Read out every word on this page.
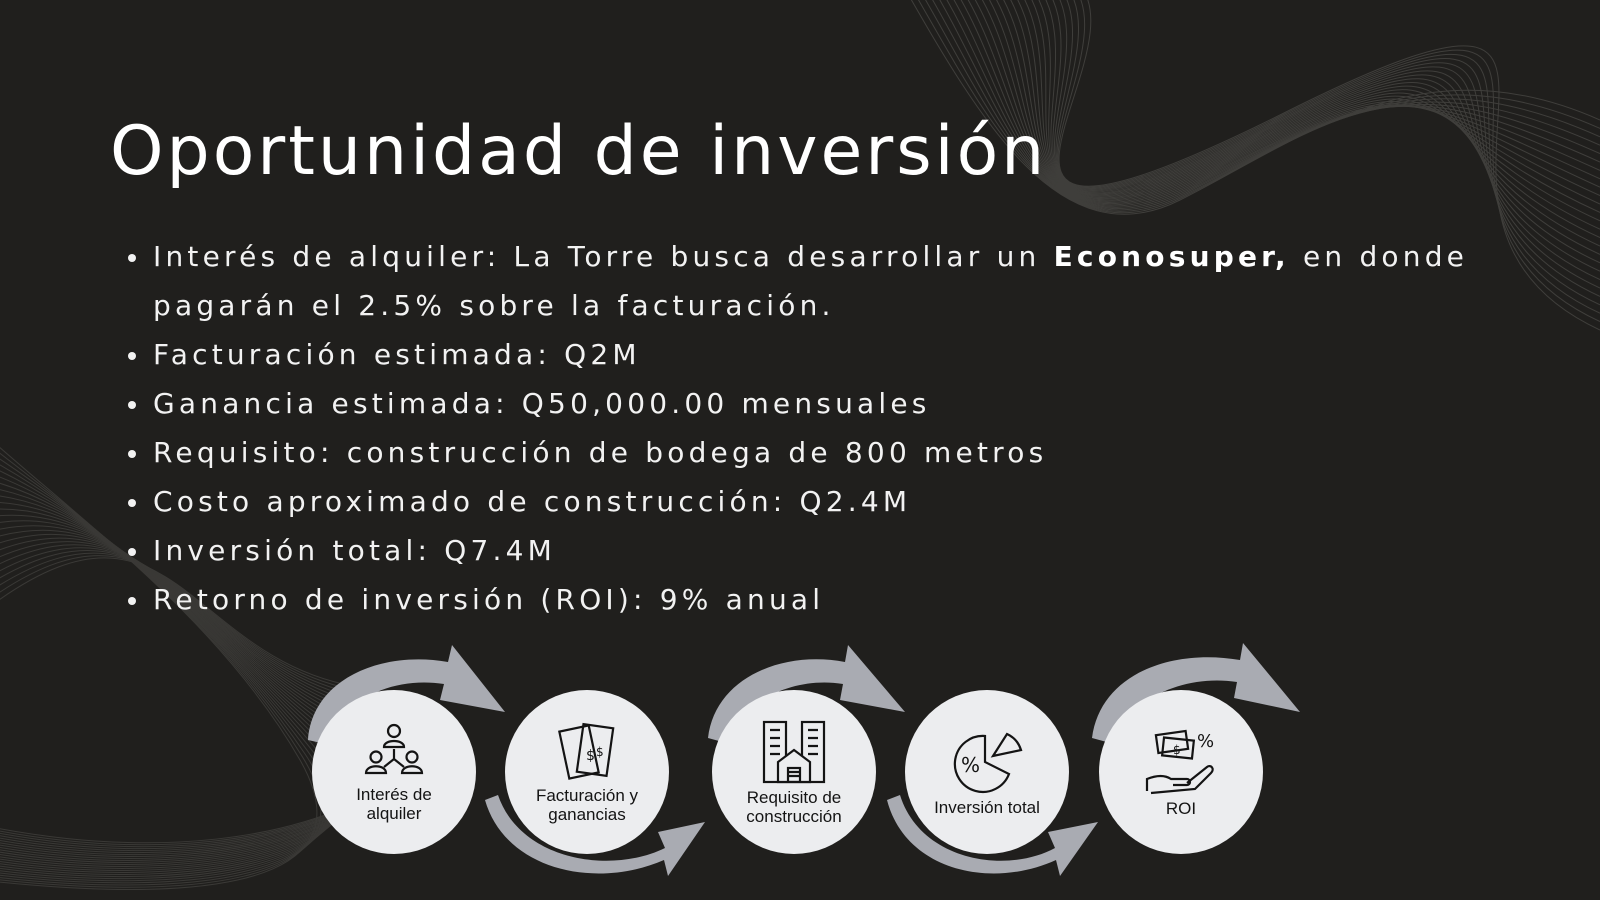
Oportunidad de inversión
Interés de alquiler: La Torre busca desarrollar un Econosuper, en donde pagarán el 2.5% sobre la facturación.
Facturación estimada: Q2M
Ganancia estimada: Q50,000.00 mensuales
Requisito: construcción de bodega de 800 metros
Costo aproximado de construcción: Q2.4M
Inversión total: Q7.4M
Retorno de inversión (ROI): 9% anual
Interés de alquiler
$ $
Facturación y ganancias
Requisito de construcción
%
Inversión total
$ %
ROI
